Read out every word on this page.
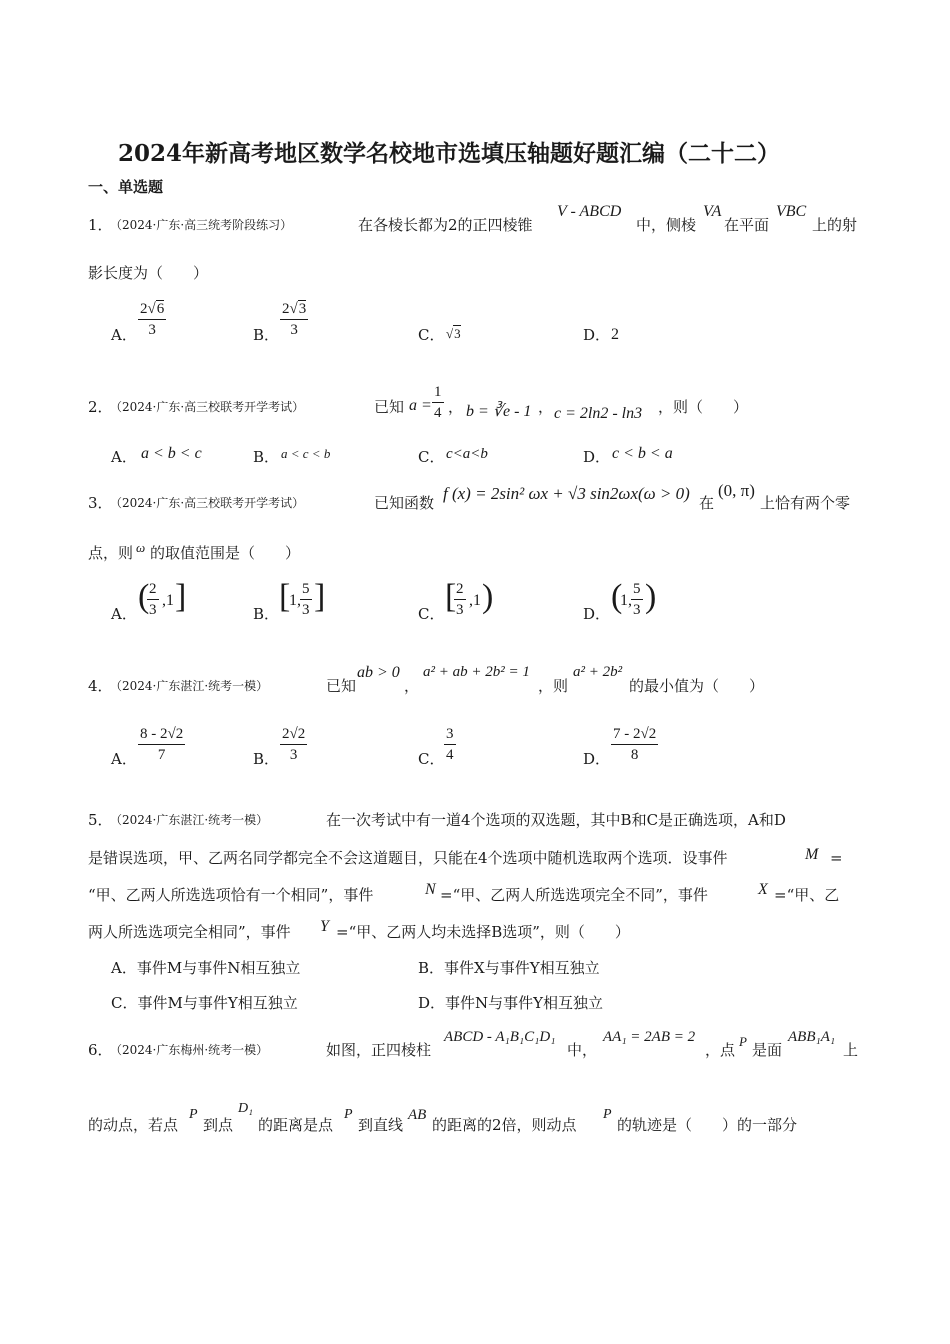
2024年新高考地区数学名校地市选填压轴题好题汇编（二十二）
一、单选题
1．
（2024·广东·高三统考阶段练习）	在各棱长都为2的正四棱锥
V - ABCD
中，侧棱
VA
在平面
VBC
上的射
影长度为（　　）
A． $\frac{2√6}{3}$	B． $\frac{2√3}{3}$	C． √3	D． 2
2．
（2024·广东·高三校联考开学考试）	已知 $a = \frac{1}{4}$ ， b = ∛e - 1 ， c = 2ln2 - ln3 ，则（　　）
A． a < b < c	B． a < c < b	C． c<a<b	D． c < b < a
3．
（2024·广东·高三校联考开学考试）	已知函数 f (x) = 2sin² ωx + √3 sin2ωx(ω > 0) 在
(0, π)
上恰有两个零
点，则 ω 的取值范围是（　　）
A． (
$\frac{2}{3} ,1$ ]	B． [
1, $\frac{5}{3}$ ]	C． [
$\frac{2}{3} ,1$ )	D． (
1, $\frac{5}{3}$ )
4．
（2024·广东湛江·统考一模）	已知
ab > 0
，
a² + ab + 2b² = 1
，则
a² + 2b²
的最小值为（　　）
A． $\frac{8 - 2√2}{7}$	B． $\frac{2√2}{3}$	C． $\frac{3}{4}$	D． $\frac{7 - 2√2}{8}$
5．
（2024·广东湛江·统考一模）	在一次考试中有一道4个选项的双选题，其中B和C是正确选项，A和D
是错误选项，甲、乙两名同学都完全不会这道题目，只能在4个选项中随机选取两个选项．设事件	M =
“甲、乙两人所选选项恰有一个相同”，事件	N =“甲、乙两人所选选项完全不同”，事件	X =“甲、乙
两人所选选项完全相同”，事件 Y =“甲、乙两人均未选择B选项”，则（　　）
A．事件M与事件N相互独立	B．事件X与事件Y相互独立
C．事件M与事件Y相互独立	D．事件N与事件Y相互独立
6．
（2024·广东梅州·统考一模）	如图，正四棱柱
ABCD - A₁B₁C₁D₁
中，
AA₁ = 2AB = 2
，点 P 是面
ABB₁A₁
上
的动点，若点
P
到点
D₁
的距离是点
P
到直线
AB
的距离的2倍，则动点
P
的轨迹是（　　）的一部分
